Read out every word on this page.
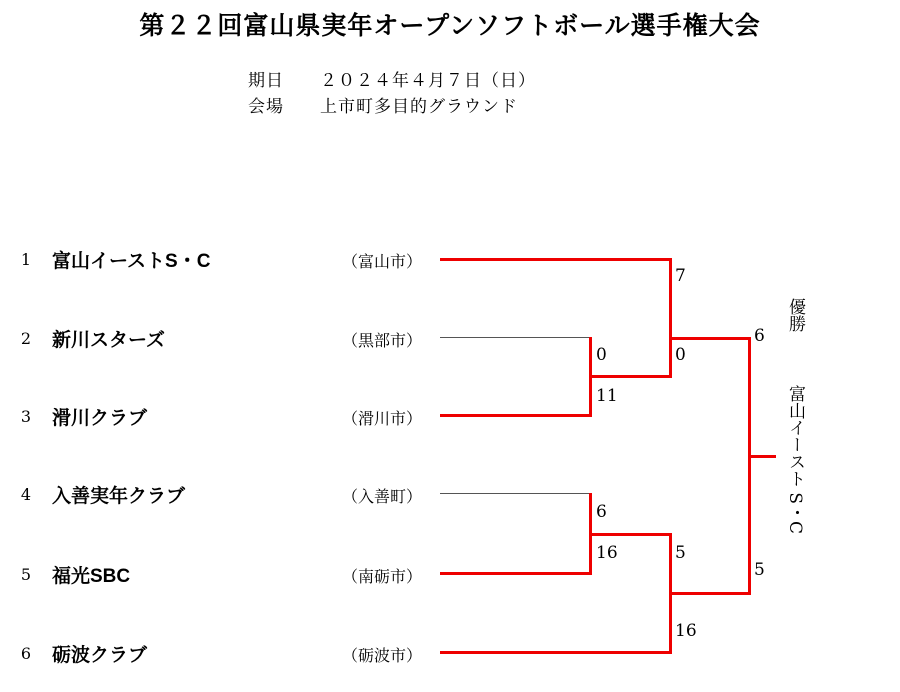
第２２回富山県実年オープンソフトボール選手権大会
期日 ２０２４年４月７日（日）
会場 上市町多目的グラウンド
1 富山イーストS・C	（富山市）
2 新川スターズ	（黒部市）
3 滑川クラブ	（滑川市）
4 入善実年クラブ	（入善町）
5 福光SBC	（南砺市）
6 砺波クラブ	（砺波市）
0
11
6
16
7
0
5
16
6
5
優勝
富山イースト S・C
